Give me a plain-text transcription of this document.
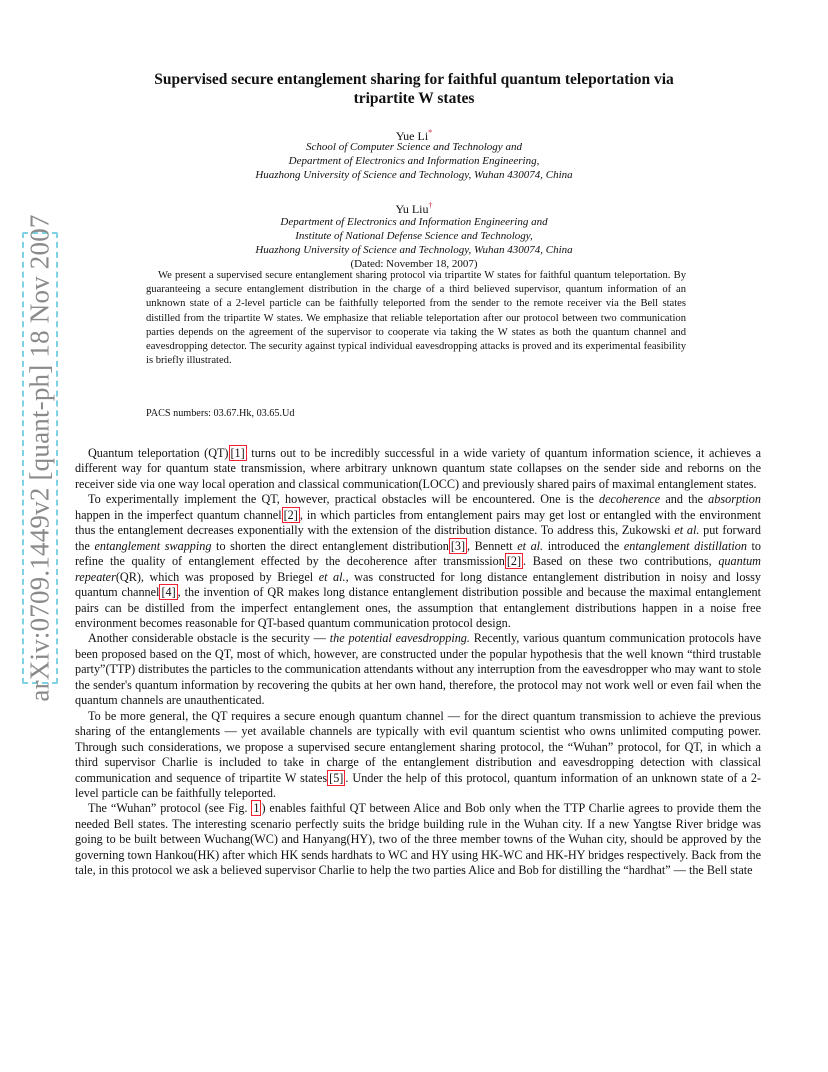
arXiv:0709.1449v2 [quant-ph] 18 Nov 2007
Supervised secure entanglement sharing for faithful quantum teleportation via
tripartite W states
Yue Li*
School of Computer Science and Technology and
Department of Electronics and Information Engineering,
Huazhong University of Science and Technology, Wuhan 430074, China
Yu Liu†
Department of Electronics and Information Engineering and
Institute of National Defense Science and Technology,
Huazhong University of Science and Technology, Wuhan 430074, China
(Dated: November 18, 2007)
We present a supervised secure entanglement sharing protocol via tripartite W states for faithful quantum teleportation. By guaranteeing a secure entanglement distribution in the charge of a third believed supervisor, quantum information of an unknown state of a 2-level particle can be faithfully teleported from the sender to the remote receiver via the Bell states distilled from the tripartite W states. We emphasize that reliable teleportation after our protocol between two communication parties depends on the agreement of the supervisor to cooperate via taking the W states as both the quantum channel and eavesdropping detector. The security against typical individual eavesdropping attacks is proved and its experimental feasibility is briefly illustrated.
PACS numbers: 03.67.Hk, 03.65.Ud

Quantum teleportation (QT) [1] turns out to be incredibly successful in a wide variety of quantum information science, it achieves a different way for quantum state transmission, where arbitrary unknown quantum state collapses on the sender side and reborns on the receiver side via one way local operation and classical communication(LOCC) and previously shared pairs of maximal entanglement states.

To experimentally implement the QT, however, practical obstacles will be encountered. One is the decoherence and the absorption happen in the imperfect quantum channel [2] , in which particles from entanglement pairs may get lost or entangled with the environment thus the entanglement decreases exponentially with the extension of the distribution distance. To address this, Zukowski et al. put forward the entanglement swapping to shorten the direct entanglement distribution [3] , Bennett et al. introduced the entanglement distillation to refine the quality of entanglement effected by the decoherence after transmission [2] . Based on these two contributions, quantum repeater(QR), which was proposed by Briegel et al., was constructed for long distance entanglement distribution in noisy and lossy quantum channel [4] , the invention of QR makes long distance entanglement distribution possible and because the maximal entanglement pairs can be distilled from the imperfect entanglement ones, the assumption that entanglement distributions happen in a noise free environment becomes reasonable for QT-based quantum communication protocol design.

Another considerable obstacle is the security — the potential eavesdropping. Recently, various quantum communication protocols have been proposed based on the QT, most of which, however, are constructed under the popular hypothesis that the well known “third trustable party”(TTP) distributes the particles to the communication attendants without any interruption from the eavesdropper who may want to stole the sender's quantum information by recovering the qubits at her own hand, therefore, the protocol may not work well or even fail when the quantum channels are unauthenticated.

To be more general, the QT requires a secure enough quantum channel — for the direct quantum transmission to achieve the previous sharing of the entanglements — yet available channels are typically with evil quantum scientist who owns unlimited computing power. Through such considerations, we propose a supervised secure entanglement sharing protocol, the “Wuhan” protocol, for QT, in which a third supervisor Charlie is included to take in charge of the entanglement distribution and eavesdropping detection with classical communication and sequence of tripartite W states [5] . Under the help of this protocol, quantum information of an unknown state of a 2-level particle can be faithfully teleported.

The “Wuhan” protocol (see Fig. 1 ) enables faithful QT between Alice and Bob only when the TTP Charlie agrees to provide them the needed Bell states. The interesting scenario perfectly suits the bridge building rule in the Wuhan city. If a new Yangtse River bridge was going to be built between Wuchang(WC) and Hanyang(HY), two of the three member towns of the Wuhan city, should be approved by the governing town Hankou(HK) after which HK sends hardhats to WC and HY using HK-WC and HK-HY bridges respectively. Back from the tale, in this protocol we ask a believed supervisor Charlie to help the two parties Alice and Bob for distilling the “hardhat” — the Bell state
